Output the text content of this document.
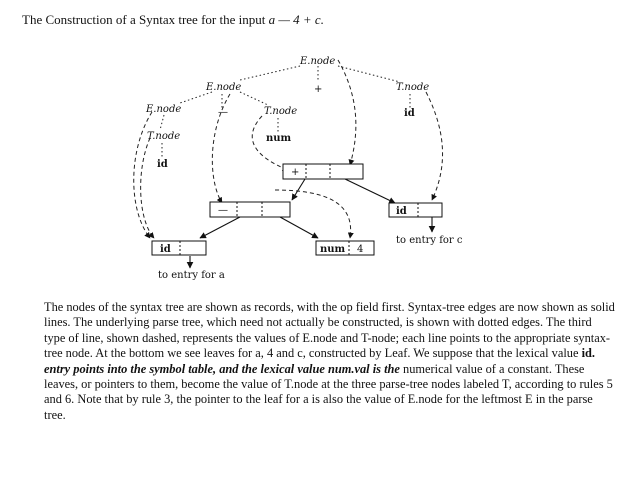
The Construction of a Syntax tree for the input a — 4 + c.
E.node
E.node	T.node
E.node	T.node
T.node
+
—	id
num
id
+
—	id
num 4
id
to entry for c
to entry for a
The nodes of the syntax tree are shown as records, with the op field first. Syntax-tree edges are now shown as solid lines. The underlying parse tree, which need not actually be constructed, is shown with dotted edges. The third type of line, shown dashed, represents the values of E.node and T-node; each line points to the appropriate syntax-tree node. At the bottom we see leaves for a, 4 and c, constructed by Leaf. We suppose that the lexical value id. entry points into the symbol table, and the lexical value num.val is the numerical value of a constant. These leaves, or pointers to them, become the value of T.node at the three parse-tree nodes labeled T, according to rules 5 and 6. Note that by rule 3, the pointer to the leaf for a is also the value of E.node for the leftmost E in the parse tree.
